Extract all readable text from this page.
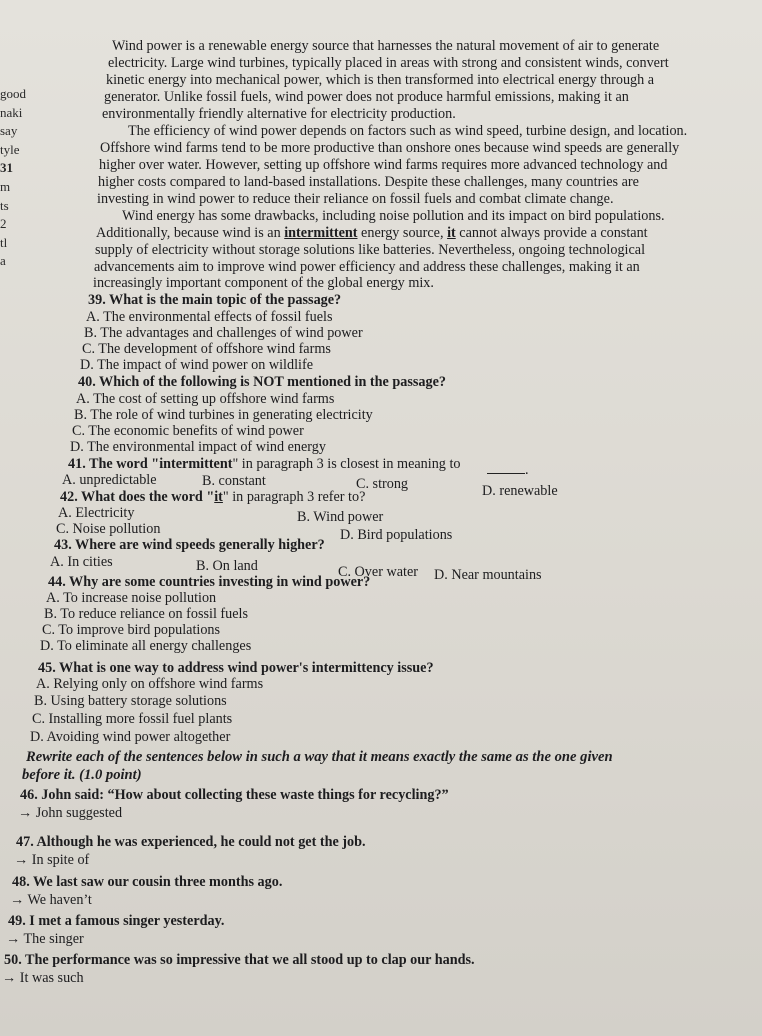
good
naki
say
tyle
31
m
ts
2
tl
a
Wind power is a renewable energy source that harnesses the natural movement of air to generate
electricity. Large wind turbines, typically placed in areas with strong and consistent winds, convert
kinetic energy into mechanical power, which is then transformed into electrical energy through a
generator. Unlike fossil fuels, wind power does not produce harmful emissions, making it an
environmentally friendly alternative for electricity production.
The efficiency of wind power depends on factors such as wind speed, turbine design, and location.
Offshore wind farms tend to be more productive than onshore ones because wind speeds are generally
higher over water. However, setting up offshore wind farms requires more advanced technology and
higher costs compared to land-based installations. Despite these challenges, many countries are
investing in wind power to reduce their reliance on fossil fuels and combat climate change.
Wind energy has some drawbacks, including noise pollution and its impact on bird populations.
Additionally, because wind is an intermittent energy source, it cannot always provide a constant
supply of electricity without storage solutions like batteries. Nevertheless, ongoing technological
advancements aim to improve wind power efficiency and address these challenges, making it an
increasingly important component of the global energy mix.
39. What is the main topic of the passage?
A. The environmental effects of fossil fuels
B. The advantages and challenges of wind power
C. The development of offshore wind farms
D. The impact of wind power on wildlife
40. Which of the following is NOT mentioned in the passage?
A. The cost of setting up offshore wind farms
B. The role of wind turbines in generating electricity
C. The economic benefits of wind power
D. The environmental impact of wind energy
41. The word "intermittent" in paragraph 3 is closest in meaning to	.
A. unpredictable	B. constant	C. strong	D. renewable
42. What does the word "it" in paragraph 3 refer to?
A. Electricity	B. Wind power
C. Noise pollution	D. Bird populations
43. Where are wind speeds generally higher?
A. In cities	B. On land	C. Over water D. Near mountains
44. Why are some countries investing in wind power?
A. To increase noise pollution
B. To reduce reliance on fossil fuels
C. To improve bird populations
D. To eliminate all energy challenges
45. What is one way to address wind power's intermittency issue?
A. Relying only on offshore wind farms
B. Using battery storage solutions
C. Installing more fossil fuel plants
D. Avoiding wind power altogether
Rewrite each of the sentences below in such a way that it means exactly the same as the one given
before it. (1.0 point)
46. John said: “How about collecting these waste things for recycling?”
→ John suggested
47. Although he was experienced, he could not get the job.
→ In spite of
48. We last saw our cousin three months ago.
→ We haven’t
49. I met a famous singer yesterday.
→ The singer
50. The performance was so impressive that we all stood up to clap our hands.
→ It was such
